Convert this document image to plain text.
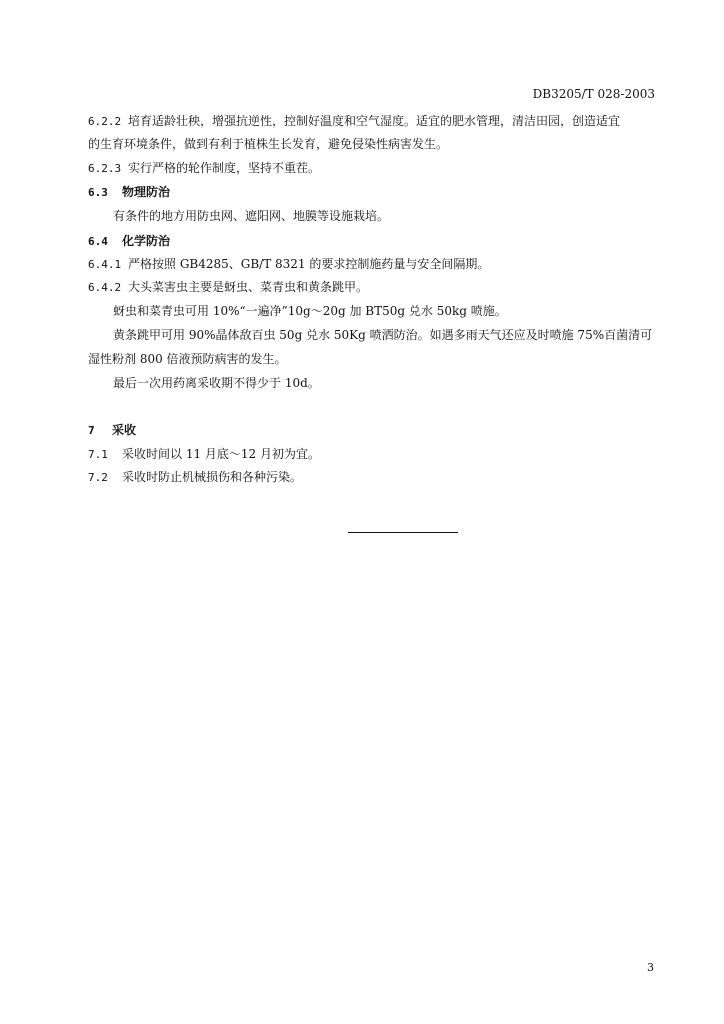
DB3205/T 028-2003

6.2.2 培育适龄壮秧，增强抗逆性，控制好温度和空气湿度。适宜的肥水管理，清洁田园，创造适宜

的生育环境条件，做到有利于植株生长发育，避免侵染性病害发生。

6.2.3 实行严格的轮作制度，坚持不重茬。

6.3 物理防治

有条件的地方用防虫网、遮阳网、地膜等设施栽培。

6.4 化学防治

6.4.1 严格按照 GB4285、GB/T 8321 的要求控制施药量与安全间隔期。

6.4.2 大头菜害虫主要是蚜虫、菜青虫和黄条跳甲。

蚜虫和菜青虫可用 10%“一遍净”10g～20g 加 BT50g 兑水 50kg 喷施。

黄条跳甲可用 90%晶体敌百虫 50g 兑水 50Kg 喷洒防治。如遇多雨天气还应及时喷施 75%百菌清可

湿性粉剂 800 倍液预防病害的发生。

最后一次用药离采收期不得少于 10d。

7 采收

7.1 采收时间以 11 月底～12 月初为宜。

7.2 采收时防止机械损伤和各种污染。

3
